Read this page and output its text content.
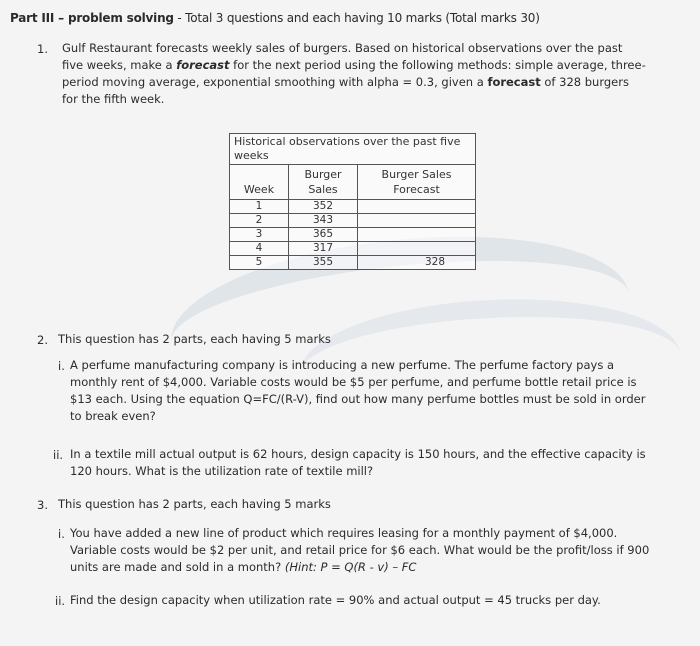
Part III – problem solving - Total 3 questions and each having 10 marks (Total marks 30)
1. Gulf Restaurant forecasts weekly sales of burgers. Based on historical observations over the past five weeks, make a forecast for the next period using the following methods: simple average, three-period moving average, exponential smoothing with alpha = 0.3, given a forecast of 328 burgers for the fifth week.
Historical observations over the past five weeks		
Week	Burger Sales	Burger Sales Forecast
1	352	
2	343	
3	365	
4	317	
5	355	328
2. This question has 2 parts, each having 5 marks
i. A perfume manufacturing company is introducing a new perfume. The perfume factory pays a monthly rent of $4,000. Variable costs would be $5 per perfume, and perfume bottle retail price is $13 each. Using the equation Q=FC/(R-V), find out how many perfume bottles must be sold in order to break even?
ii. In a textile mill actual output is 62 hours, design capacity is 150 hours, and the effective capacity is 120 hours. What is the utilization rate of textile mill?
3. This question has 2 parts, each having 5 marks
i. You have added a new line of product which requires leasing for a monthly payment of $4,000. Variable costs would be $2 per unit, and retail price for $6 each. What would be the profit/loss if 900 units are made and sold in a month? (Hint: P = Q(R - v) – FC
ii. Find the design capacity when utilization rate = 90% and actual output = 45 trucks per day.
